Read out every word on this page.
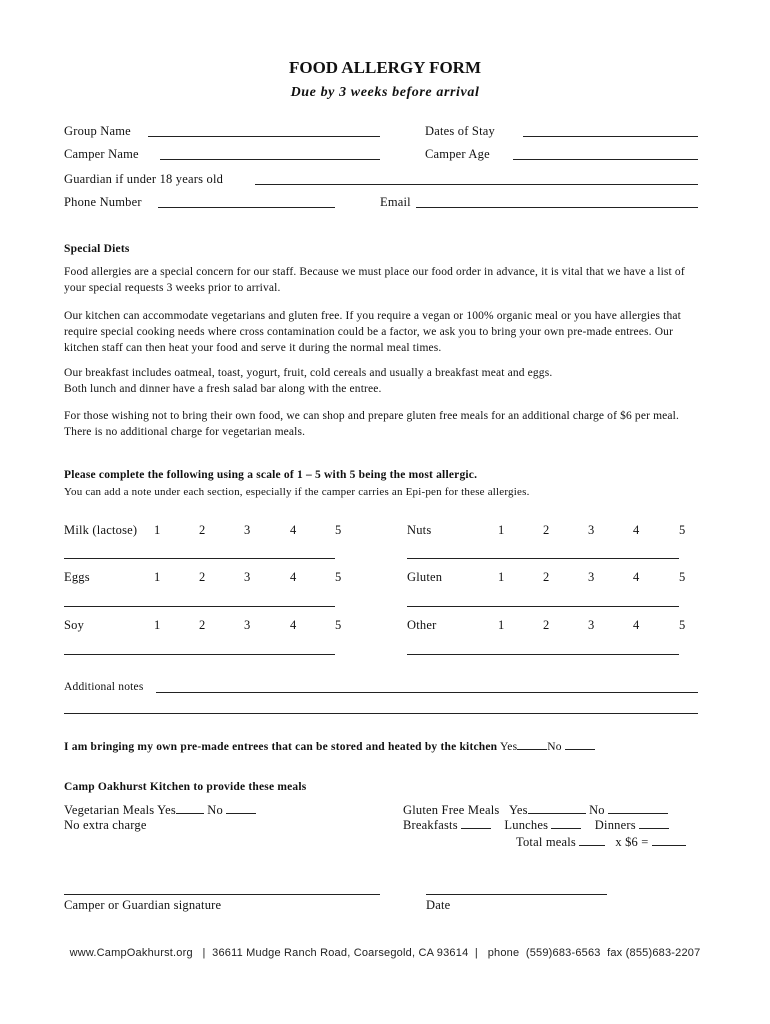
FOOD ALLERGY FORM
Due by 3 weeks before arrival
Group Name	Dates of Stay
Camper Name	Camper Age
Guardian if under 18 years old
Phone Number	Email
Special Diets
Food allergies are a special concern for our staff. Because we must place our food order in advance, it is vital that we have a list of your special requests 3 weeks prior to arrival.
Our kitchen can accommodate vegetarians and gluten free. If you require a vegan or 100% organic meal or you have allergies that require special cooking needs where cross contamination could be a factor, we ask you to bring your own pre-made entrees. Our kitchen staff can then heat your food and serve it during the normal meal times.
Our breakfast includes oatmeal, toast, yogurt, fruit, cold cereals and usually a breakfast meat and eggs.
Both lunch and dinner have a fresh salad bar along with the entree.
For those wishing not to bring their own food, we can shop and prepare gluten free meals for an additional charge of $6 per meal. There is no additional charge for vegetarian meals.
Please complete the following using a scale of 1 – 5 with 5 being the most allergic.
You can add a note under each section, especially if the camper carries an Epi-pen for these allergies.
Milk (lactose) 1	2	3	4	5	Nuts	1	2	3	4	5
Eggs	1	2	3	4	5	Gluten	1	2	3	4	5
Soy	1	2	3	4	5	Other	1	2	3	4	5
Additional notes
I am bringing my own pre-made entrees that can be stored and heated by the kitchen Yes	No
Camp Oakhurst Kitchen to provide these meals
Vegetarian Meals Yes	No
No extra charge
Gluten Free Meals Yes	No
Breakfasts	Lunches	Dinners
Total meals	x $6 =
Camper or Guardian signature	Date
www.CampOakhurst.org   |  36611 Mudge Ranch Road, Coarsegold, CA 93614  |   phone  (559)683-6563  fax (855)683-2207
